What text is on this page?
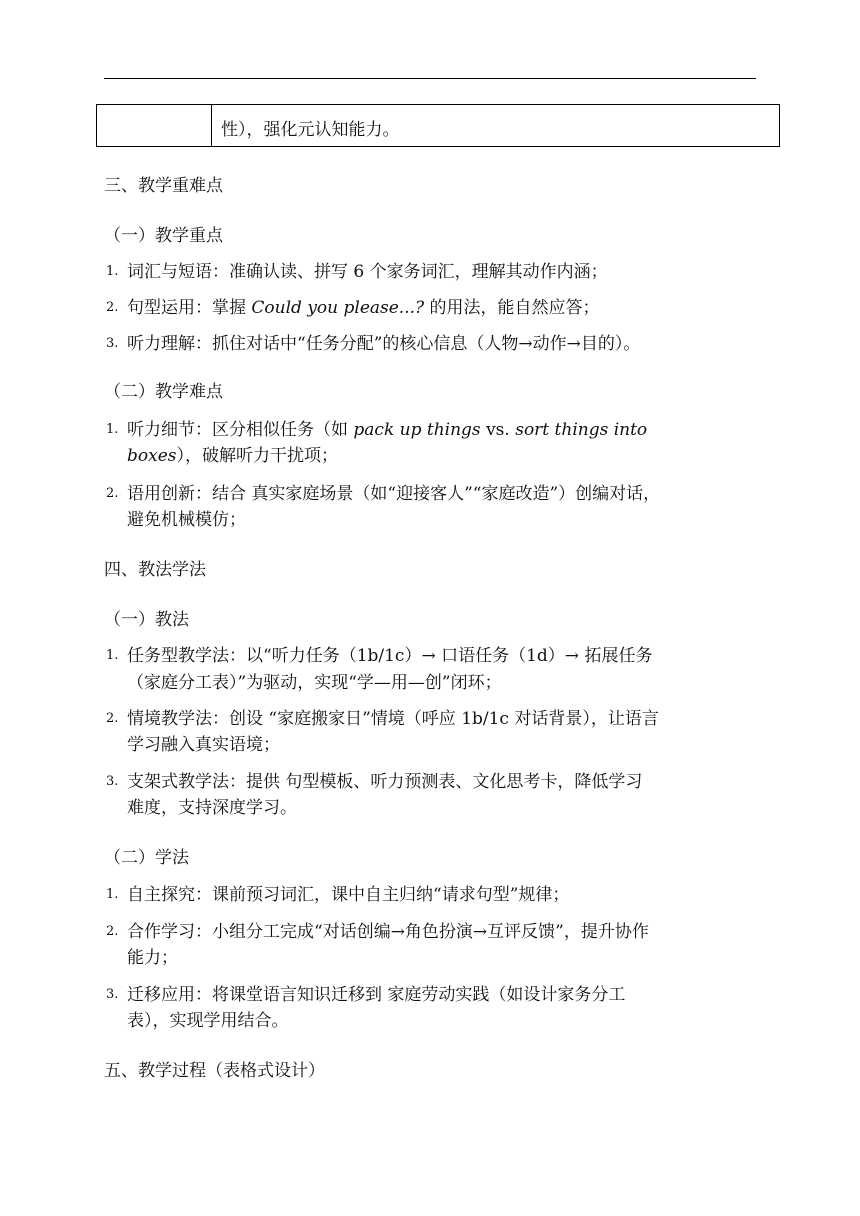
性），强化元认知能力。
三、教学重难点
（一）教学重点
1. 词汇与短语：准确认读、拼写 6 个家务词汇，理解其动作内涵；
2. 句型运用：掌握 Could you please...? 的用法，能自然应答；
3. 听力理解：抓住对话中“任务分配”的核心信息（人物→动作→目的）。
（二）教学难点
1. 听力细节：区分相似任务（如 pack up things vs. sort things into
boxes），破解听力干扰项；
2. 语用创新：结合 真实家庭场景（如“迎接客人”“家庭改造”）创编对话，
避免机械模仿；
四、教法学法
（一）教法
1. 任务型教学法：以“听力任务（1b/1c）→ 口语任务（1d）→ 拓展任务
（家庭分工表）”为驱动，实现“学—用—创”闭环；
2. 情境教学法：创设 “家庭搬家日”情境（呼应 1b/1c 对话背景），让语言
学习融入真实语境；
3. 支架式教学法：提供 句型模板、听力预测表、文化思考卡，降低学习
难度，支持深度学习。
（二）学法
1. 自主探究：课前预习词汇，课中自主归纳“请求句型”规律；
2. 合作学习：小组分工完成“对话创编→角色扮演→互评反馈”，提升协作
能力；
3. 迁移应用：将课堂语言知识迁移到 家庭劳动实践（如设计家务分工
表），实现学用结合。
五、教学过程（表格式设计）
